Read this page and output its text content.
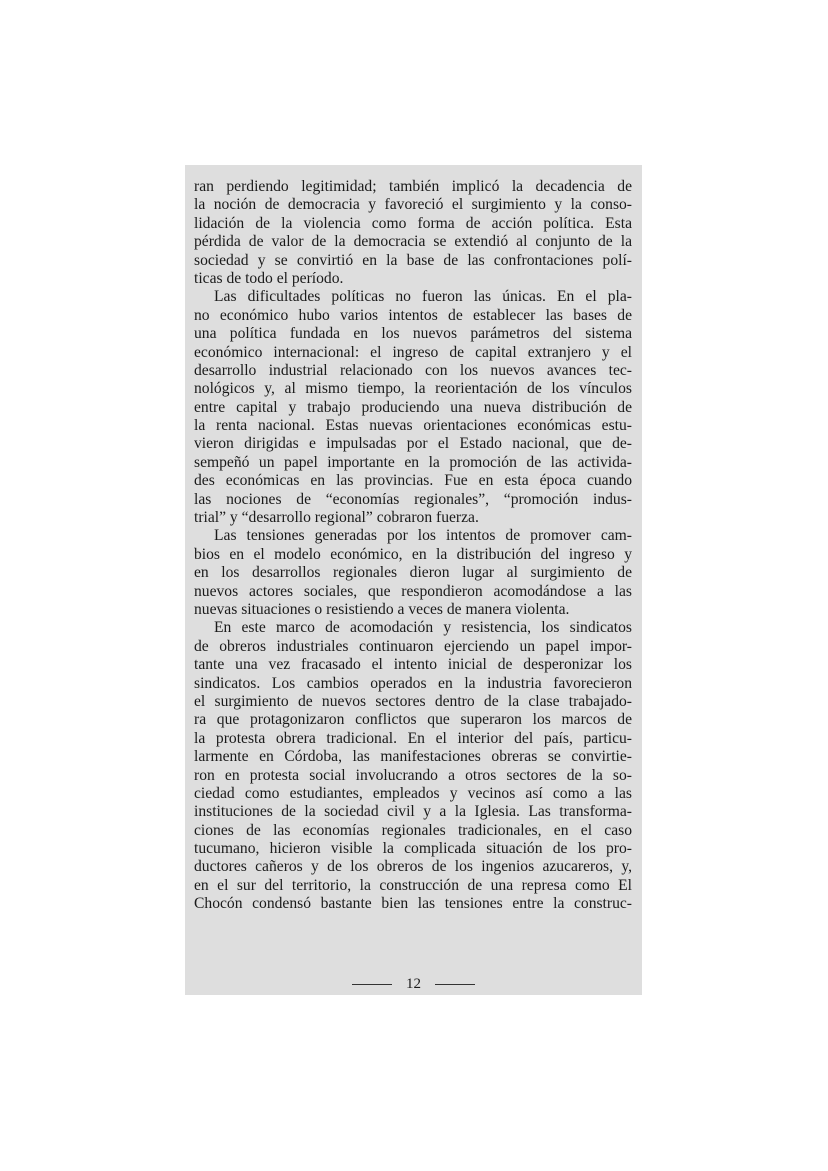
ran perdiendo legitimidad; también implicó la decadencia de
la noción de democracia y favoreció el surgimiento y la conso-
lidación de la violencia como forma de acción política. Esta
pérdida de valor de la democracia se extendió al conjunto de la
sociedad y se convirtió en la base de las confrontaciones polí-
ticas de todo el período.
Las dificultades políticas no fueron las únicas. En el pla-
no económico hubo varios intentos de establecer las bases de
una política fundada en los nuevos parámetros del sistema
económico internacional: el ingreso de capital extranjero y el
desarrollo industrial relacionado con los nuevos avances tec-
nológicos y, al mismo tiempo, la reorientación de los vínculos
entre capital y trabajo produciendo una nueva distribución de
la renta nacional. Estas nuevas orientaciones económicas estu-
vieron dirigidas e impulsadas por el Estado nacional, que de-
sempeñó un papel importante en la promoción de las activida-
des económicas en las provincias. Fue en esta época cuando
las nociones de “economías regionales”, “promoción indus-
trial” y “desarrollo regional” cobraron fuerza.
Las tensiones generadas por los intentos de promover cam-
bios en el modelo económico, en la distribución del ingreso y
en los desarrollos regionales dieron lugar al surgimiento de
nuevos actores sociales, que respondieron acomodándose a las
nuevas situaciones o resistiendo a veces de manera violenta.
En este marco de acomodación y resistencia, los sindicatos
de obreros industriales continuaron ejerciendo un papel impor-
tante una vez fracasado el intento inicial de desperonizar los
sindicatos. Los cambios operados en la industria favorecieron
el surgimiento de nuevos sectores dentro de la clase trabajado-
ra que protagonizaron conflictos que superaron los marcos de
la protesta obrera tradicional. En el interior del país, particu-
larmente en Córdoba, las manifestaciones obreras se convirtie-
ron en protesta social involucrando a otros sectores de la so-
ciedad como estudiantes, empleados y vecinos así como a las
instituciones de la sociedad civil y a la Iglesia. Las transforma-
ciones de las economías regionales tradicionales, en el caso
tucumano, hicieron visible la complicada situación de los pro-
ductores cañeros y de los obreros de los ingenios azucareros, y,
en el sur del territorio, la construcción de una represa como El
Chocón condensó bastante bien las tensiones entre la construc-
12
